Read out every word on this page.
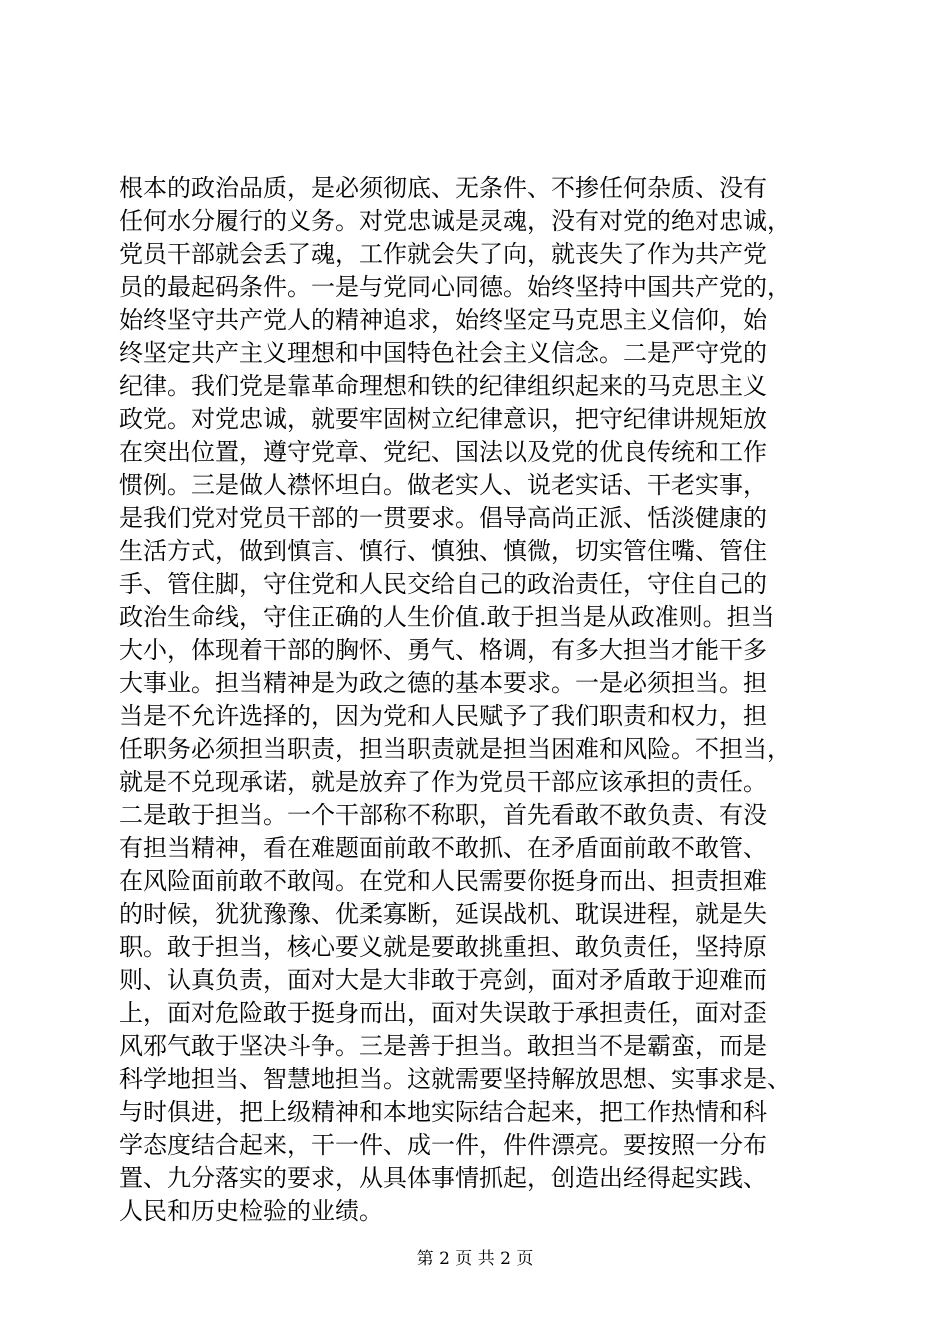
根本的政治品质，是必须彻底、无条件、不掺任何杂质、没有
任何水分履行的义务。对党忠诚是灵魂，没有对党的绝对忠诚，
党员干部就会丢了魂，工作就会失了向，就丧失了作为共产党
员的最起码条件。一是与党同心同德。始终坚持中国共产党的，
始终坚守共产党人的精神追求，始终坚定马克思主义信仰，始
终坚定共产主义理想和中国特色社会主义信念。二是严守党的
纪律。我们党是靠革命理想和铁的纪律组织起来的马克思主义
政党。对党忠诚，就要牢固树立纪律意识，把守纪律讲规矩放
在突出位置，遵守党章、党纪、国法以及党的优良传统和工作
惯例。三是做人襟怀坦白。做老实人、说老实话、干老实事，
是我们党对党员干部的一贯要求。倡导高尚正派、恬淡健康的
生活方式，做到慎言、慎行、慎独、慎微，切实管住嘴、管住
手、管住脚，守住党和人民交给自己的政治责任，守住自己的
政治生命线，守住正确的人生价值.敢于担当是从政准则。担当
大小，体现着干部的胸怀、勇气、格调，有多大担当才能干多
大事业。担当精神是为政之德的基本要求。一是必须担当。担
当是不允许选择的，因为党和人民赋予了我们职责和权力，担
任职务必须担当职责，担当职责就是担当困难和风险。不担当，
就是不兑现承诺，就是放弃了作为党员干部应该承担的责任。
二是敢于担当。一个干部称不称职，首先看敢不敢负责、有没
有担当精神，看在难题面前敢不敢抓、在矛盾面前敢不敢管、
在风险面前敢不敢闯。在党和人民需要你挺身而出、担责担难
的时候，犹犹豫豫、优柔寡断，延误战机、耽误进程，就是失
职。敢于担当，核心要义就是要敢挑重担、敢负责任，坚持原
则、认真负责，面对大是大非敢于亮剑，面对矛盾敢于迎难而
上，面对危险敢于挺身而出，面对失误敢于承担责任，面对歪
风邪气敢于坚决斗争。三是善于担当。敢担当不是霸蛮，而是
科学地担当、智慧地担当。这就需要坚持解放思想、实事求是、
与时俱进，把上级精神和本地实际结合起来，把工作热情和科
学态度结合起来，干一件、成一件，件件漂亮。要按照一分布
置、九分落实的要求，从具体事情抓起，创造出经得起实践、
人民和历史检验的业绩。
第 2 页 共 2 页
